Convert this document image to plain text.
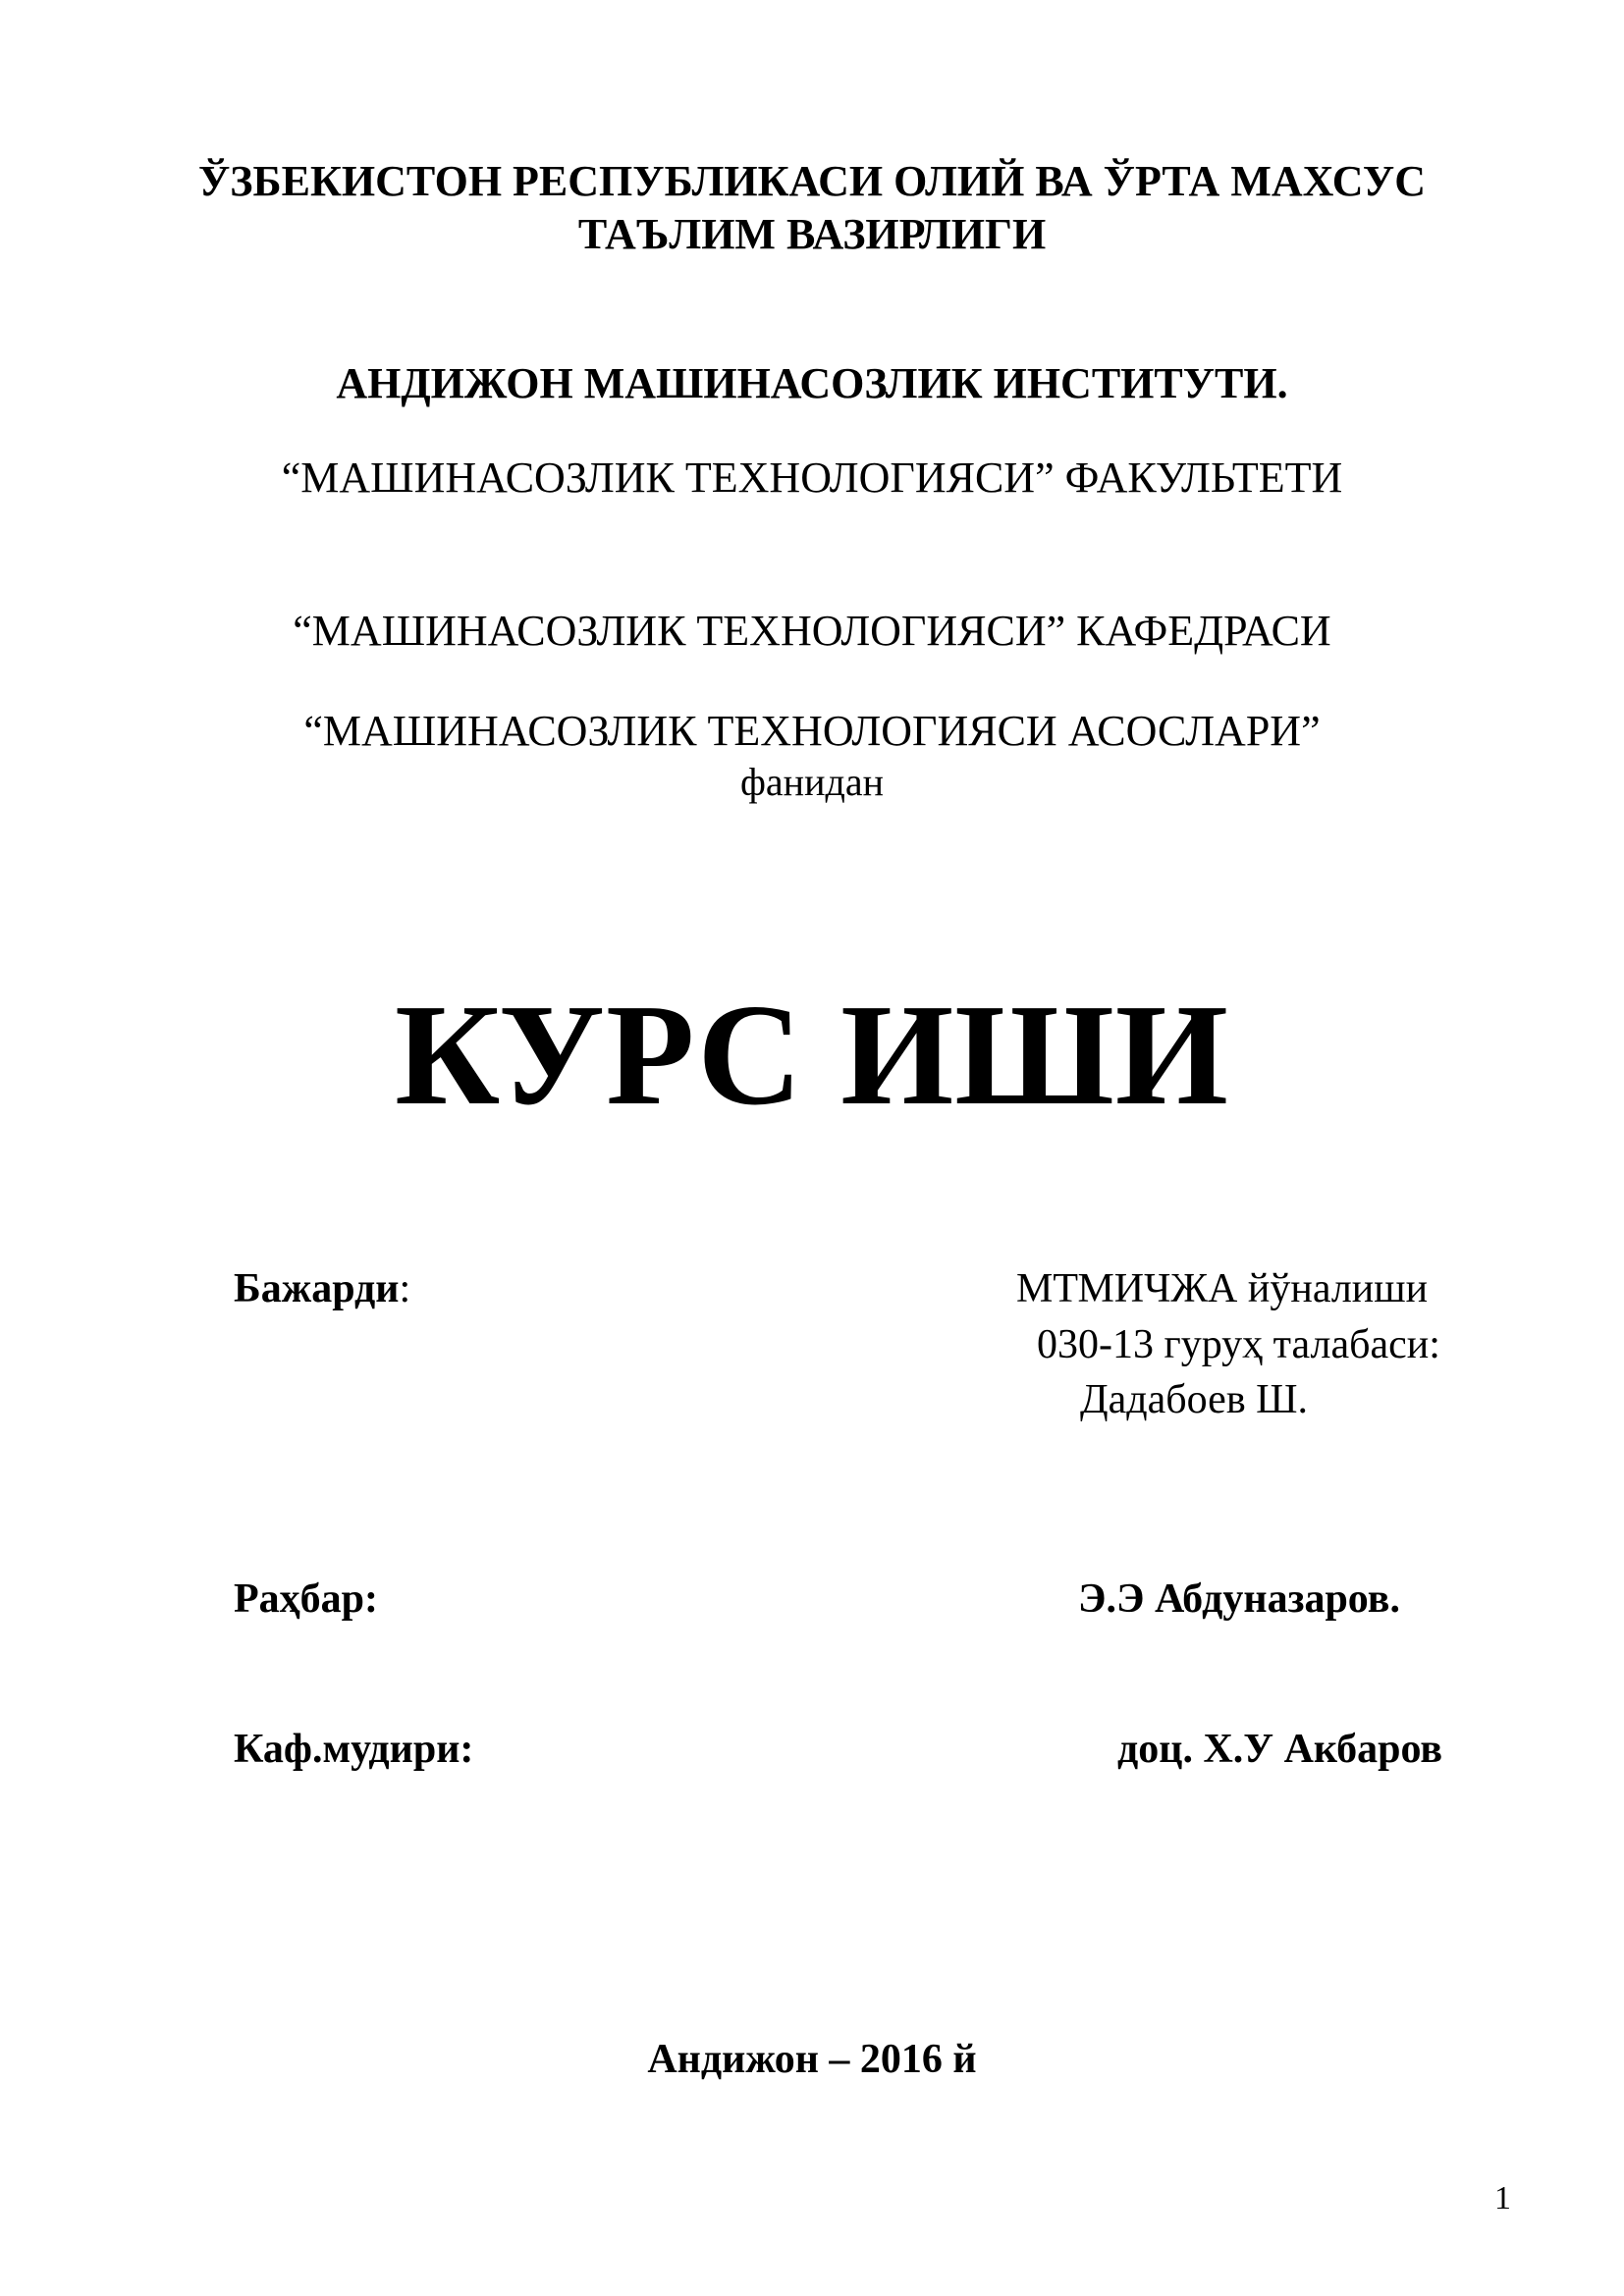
ЎЗБЕКИСТОН РЕСПУБЛИКАСИ ОЛИЙ ВА ЎРТА МАХСУС
ТАЪЛИМ ВАЗИРЛИГИ
АНДИЖОН МАШИНАСОЗЛИК ИНСТИТУТИ.
“МАШИНАСОЗЛИК ТЕХНОЛОГИЯСИ” ФАКУЛЬТЕТИ
“МАШИНАСОЗЛИК ТЕХНОЛОГИЯСИ” КАФЕДРАСИ
“МАШИНАСОЗЛИК ТЕХНОЛОГИЯСИ АСОСЛАРИ”
фанидан
КУРС ИШИ
Бажарди:	МТМИЧЖА йўналиши
030-13 гуруҳ талабаси:
Дадабоев Ш.
Раҳбар:	Э.Э Абдуназаров.
Каф.мудири:	доц. Х.У Акбаров
Андижон – 2016 й
1
